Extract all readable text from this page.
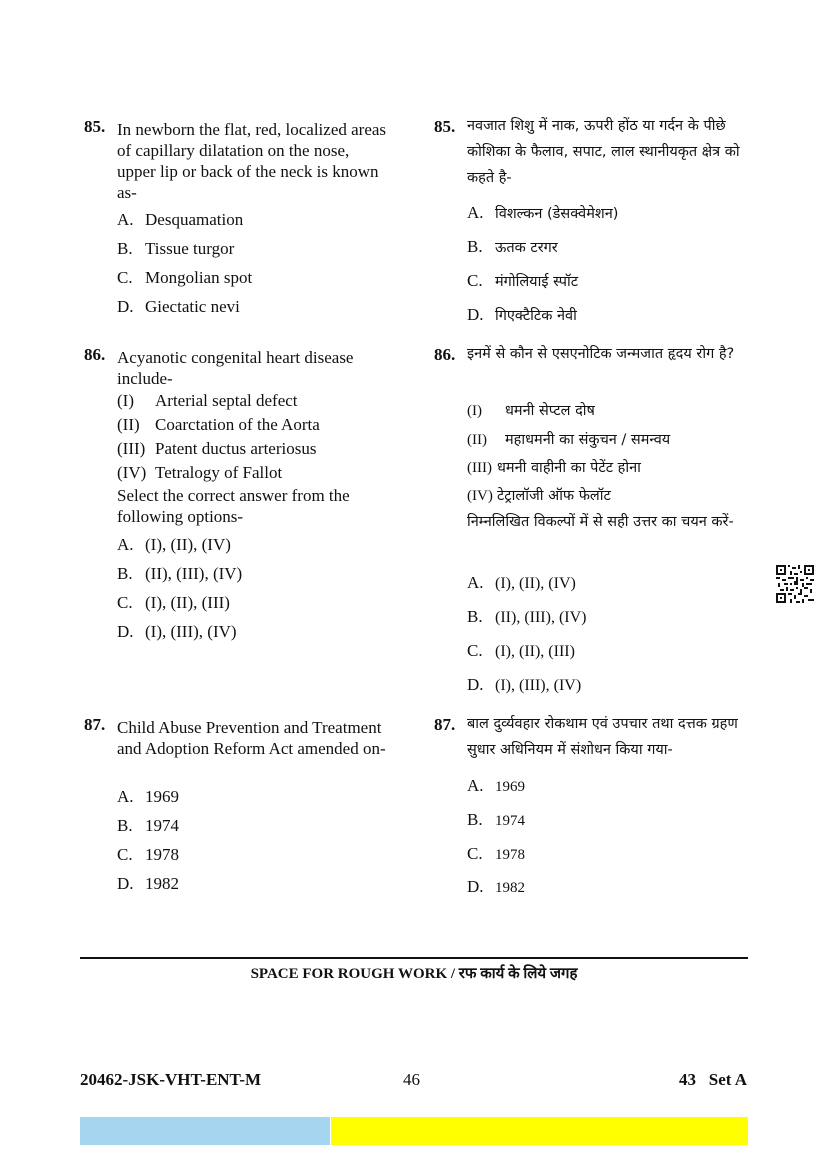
85. In newborn the flat, red, localized areas of capillary dilatation on the nose, upper lip or back of the neck is known as-
A. Desquamation
B. Tissue turgor
C. Mongolian spot
D. Giectatic nevi
86. Acyanotic congenital heart disease include-
(I) Arterial septal defect
(II) Coarctation of the Aorta
(III) Patent ductus arteriosus
(IV) Tetralogy of Fallot
Select the correct answer from the following options-
A. (I), (II), (IV)
B. (II), (III), (IV)
C. (I), (II), (III)
D. (I), (III), (IV)
87. Child Abuse Prevention and Treatment and Adoption Reform Act amended on-
A. 1969
B. 1974
C. 1978
D. 1982
85. नवजात शिशु में नाक, ऊपरी होंठ या गर्दन के पीछे कोशिका के फैलाव, सपाट, लाल स्थानीयकृत क्षेत्र को कहते है-
A. विशल्कन (डेसक्वेमेशन)
B. ऊतक टरगर
C. मंगोलियाई स्पॉट
D. गिएक्टैटिक नेवी
86. इनमें से कौन से एसएनोटिक जन्मजात हृदय रोग है?
(I) धमनी सेप्टल दोष
(II) महाधमनी का संकुचन / समन्वय
(III) धमनी वाहीनी का पेटेंट होना
(IV) टेट्रालॉजी ऑफ फेलॉट
निम्नलिखित विकल्पों में से सही उत्तर का चयन करें-
A. (I), (II), (IV)
B. (II), (III), (IV)
C. (I), (II), (III)
D. (I), (III), (IV)
87. बाल दुर्व्यवहार रोकथाम एवं उपचार तथा दत्तक ग्रहण सुधार अधिनियम में संशोधन किया गया-
A. 1969
B. 1974
C. 1978
D. 1982
SPACE FOR ROUGH WORK / रफ कार्य के लिये जगह
20462-JSK-VHT-ENT-M	46	43   Set A
